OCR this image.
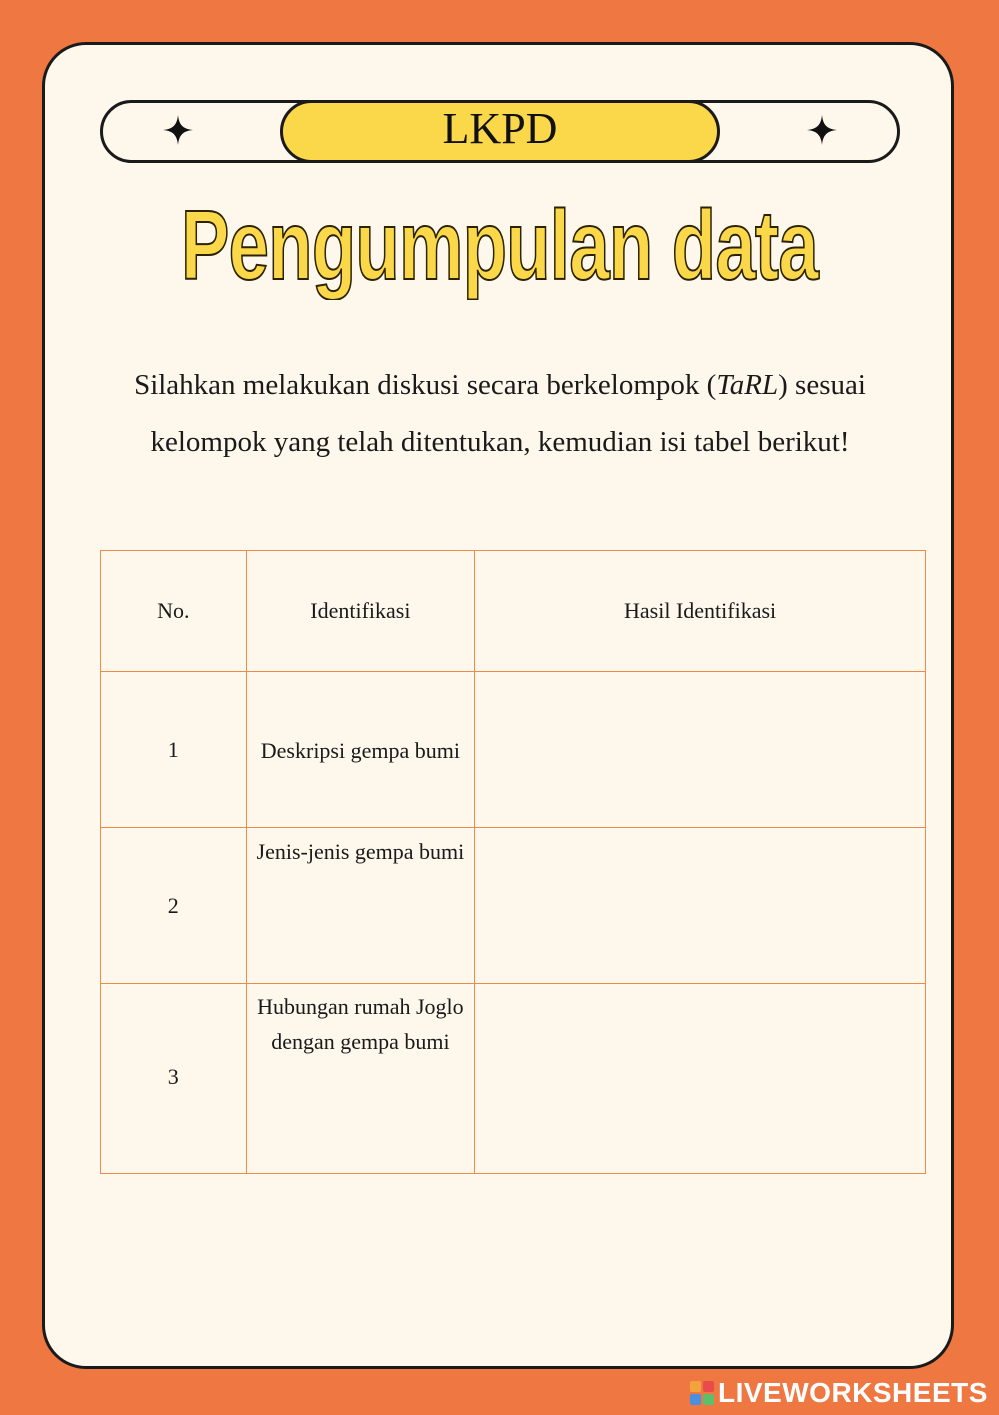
LKPD
Pengumpulan data
Silahkan melakukan diskusi secara berkelompok (TaRL) sesuai kelompok yang telah ditentukan, kemudian isi tabel berikut!
No.	Identifikasi	Hasil Identifikasi
1	Deskripsi gempa bumi	

2	Jenis-jenis gempa bumi	

3	Hubungan rumah Joglo dengan gempa bumi	

LIVEWORKSHEETS
